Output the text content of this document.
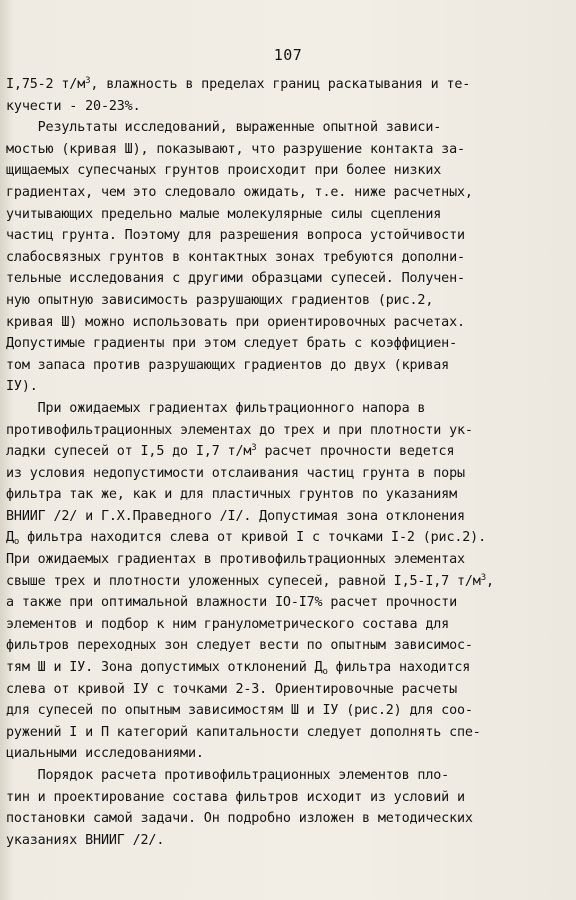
107
I,75-2 $т/м^3$, влажность в пределах границ раскатывания и те-
кучести - 20-23%.
Результаты исследований, выраженные опытной зависи-
мостью (кривая Ш), показывают, что разрушение контакта за-
щищаемых супесчаных грунтов происходит при более низких
градиентах, чем это следовало ожидать, т.е. ниже расчетных,
учитывающих предельно малые молекулярные силы сцепления
частиц грунта. Поэтому для разрешения вопроса устойчивости
слабосвязных грунтов в контактных зонах требуются дополни-
тельные исследования с другими образцами супесей. Получен-
ную опытную зависимость разрушающих градиентов (рис.2,
кривая Ш) можно использовать при ориентировочных расчетах.
Допустимые градиенты при этом следует брать с коэффициен-
том запаса против разрушающих градиентов до двух (кривая
IУ).
При ожидаемых градиентах фильтрационного напора в
противофильтрационных элементах до трех и при плотности ук-
ладки супесей от I,5 до I,7 $т/м^3$ расчет прочности ведется
из условия недопустимости отслаивания частиц грунта в поры
фильтра так же, как и для пластичных грунтов по указаниям
ВНИИГ /2/ и Г.Х.Праведного /I/. Допустимая зона отклонения
$Д_о$ фильтра находится слева от кривой I с точками I-2 (рис.2).
При ожидаемых градиентах в противофильтрационных элементах
свыше трех и плотности уложенных супесей, равной I,5-I,7 $т/м^3$,
а также при оптимальной влажности IO-I7% расчет прочности
элементов и подбор к ним гранулометрического состава для
фильтров переходных зон следует вести по опытным зависимос-
тям Ш и IУ. Зона допустимых отклонений $Д_о$ фильтра находится
слева от кривой IУ с точками 2-3. Ориентировочные расчеты
для супесей по опытным зависимостям Ш и IУ (рис.2) для соо-
ружений I и П категорий капитальности следует дополнять спе-
циальными исследованиями.
Порядок расчета противофильтрационных элементов пло-
тин и проектирование состава фильтров исходит из условий и
постановки самой задачи. Он подробно изложен в методических
указаниях ВНИИГ /2/.
